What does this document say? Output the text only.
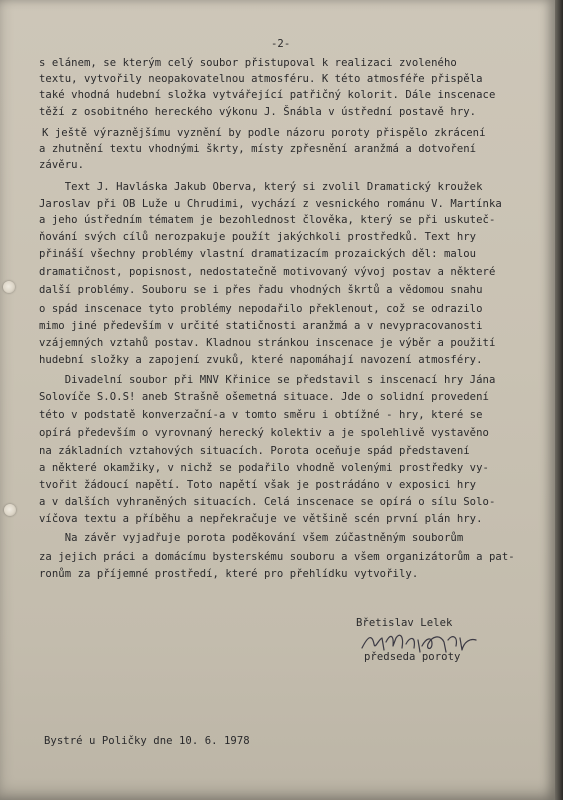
-2-
s elánem, se kterým celý soubor přistupoval k realizaci zvoleného
textu, vytvořily neopakovatelnou atmosféru. K této atmosféře přispěla
také vhodná hudební složka vytvářející patřičný kolorit. Dále inscenace
těží z osobitného hereckého výkonu J. Šnábla v ústřední postavě hry.
K ještě výraznějšímu vyznění by podle názoru poroty přispělo zkrácení
a zhutnění textu vhodnými škrty, místy zpřesnění aranžmá a dotvoření
závěru.
Text J. Havláska Jakub Oberva, který si zvolil Dramatický kroužek
Jaroslav při OB Luže u Chrudimi, vychází z vesnického románu V. Martínka
a jeho ústředním tématem je bezohlednost člověka, který se při uskuteč-
ňování svých cílů nerozpakuje použít jakýchkoli prostředků. Text hry
přináší všechny problémy vlastní dramatizacím prozaických děl: malou
dramatičnost, popisnost, nedostatečně motivovaný vývoj postav a některé
další problémy. Souboru se i přes řadu vhodných škrtů a vědomou snahu
o spád inscenace tyto problémy nepodařilo překlenout, což se odrazilo
mimo jiné především v určité statičnosti aranžmá a v nevypracovanosti
vzájemných vztahů postav. Kladnou stránkou inscenace je výběr a použití
hudební složky a zapojení zvuků, které napomáhají navození atmosféry.
Divadelní soubor při MNV Křinice se představil s inscenací hry Jána
Solovíče S.O.S! aneb Strašně ošemetná situace. Jde o solidní provedení
této v podstatě konverzační-a v tomto směru i obtížné - hry, které se
opírá především o vyrovnaný herecký kolektiv a je spolehlivě vystavěno
na základních vztahových situacích. Porota oceňuje spád představení
a některé okamžiky, v nichž se podařilo vhodně volenými prostředky vy-
tvořit žádoucí napětí. Toto napětí však je postrádáno v exposici hry
a v dalších vyhraněných situacích. Celá inscenace se opírá o sílu Solo-
víčova textu a příběhu a nepřekračuje ve většině scén první plán hry.
Na závěr vyjadřuje porota poděkování všem zúčastněným souborům
za jejich práci a domácímu bysterskému souboru a všem organizátorům a pat-
ronům za příjemné prostředí, které pro přehlídku vytvořily.
Břetislav Lelek
předseda poroty
Bystré u Poličky dne 10. 6. 1978
